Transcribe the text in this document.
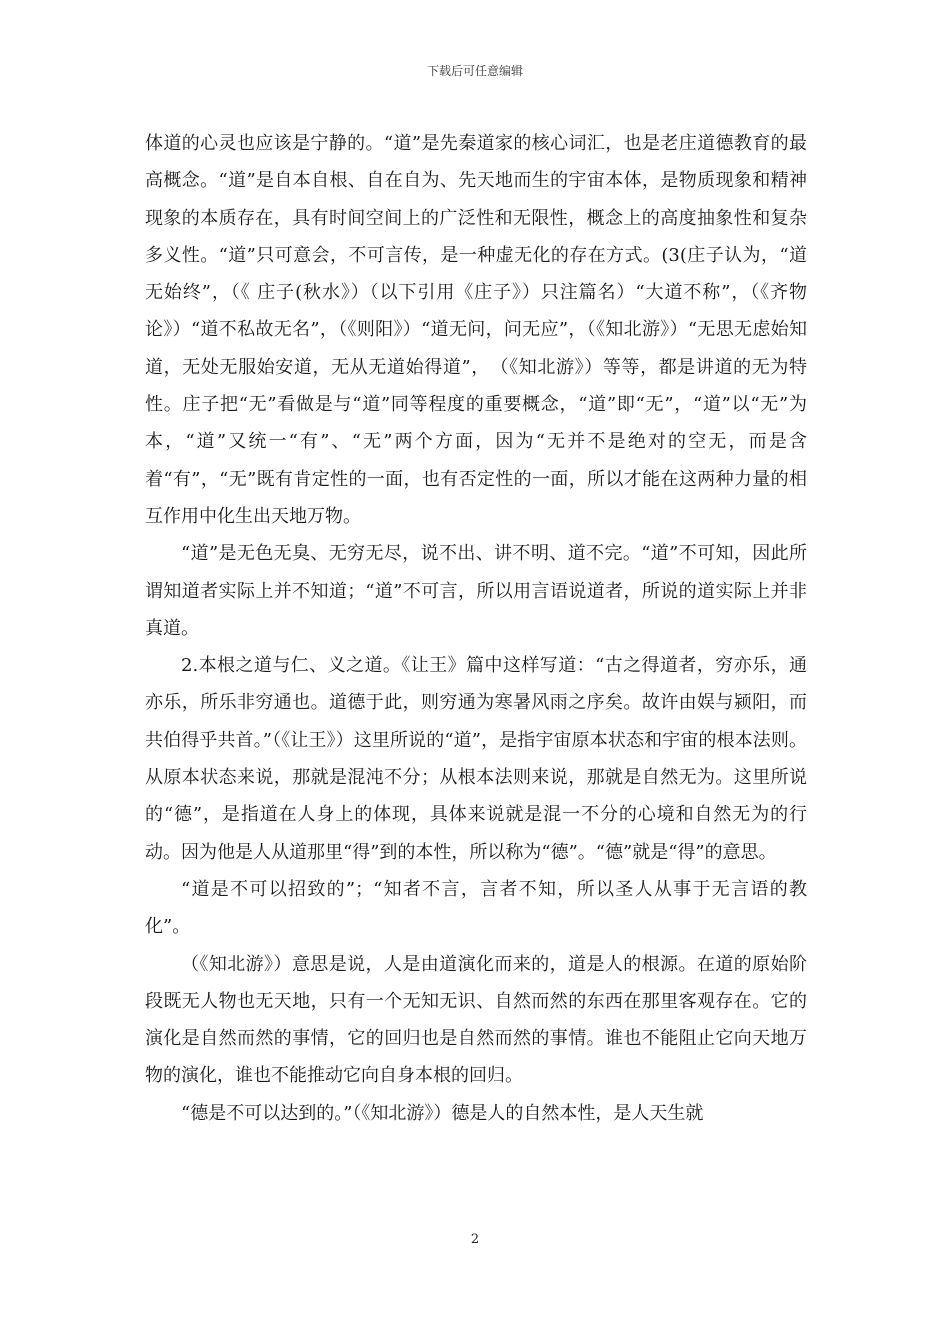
下载后可任意编辑

体道的心灵也应该是宁静的。“道”是先秦道家的核心词汇，也是老庄道德教育的最高概念。“道”是自本自根、自在自为、先天地而生的宇宙本体，是物质现象和精神现象的本质存在，具有时间空间上的广泛性和无限性，概念上的高度抽象性和复杂多义性。“道”只可意会，不可言传，是一种虚无化的存在方式。(3(庄子认为，“道无始终”，（《 庄子(秋水》）（以下引用《庄子》）只注篇名）“大道不称”，（《齐物论》）“道不私故无名”，（《则阳》）“道无问，问无应”，（《知北游》）“无思无虑始知道，无处无服始安道，无从无道始得道”，　（《知北游》）等等，都是讲道的无为特性。庄子把“无”看做是与“道”同等程度的重要概念，“道”即“无”，“道”以“无”为本，“道”又统一“有”、“无”两个方面，因为“无并不是绝对的空无，而是含着“有”，“无”既有肯定性的一面，也有否定性的一面，所以才能在这两种力量的相互作用中化生出天地万物。

“道”是无色无臭、无穷无尽，说不出、讲不明、道不完。“道”不可知，因此所谓知道者实际上并不知道；“道”不可言，所以用言语说道者，所说的道实际上并非真道。

2.本根之道与仁、义之道。《让王》篇中这样写道：“古之得道者，穷亦乐，通亦乐，所乐非穷通也。道德于此，则穷通为寒暑风雨之序矣。故许由娱与颍阳，而共伯得乎共首。”（《让王》）这里所说的“道”，是指宇宙原本状态和宇宙的根本法则。从原本状态来说，那就是混沌不分；从根本法则来说，那就是自然无为。这里所说的“德”，是指道在人身上的体现，具体来说就是混一不分的心境和自然无为的行动。因为他是人从道那里“得”到的本性，所以称为“德”。“德”就是“得”的意思。

“道是不可以招致的”；“知者不言，言者不知，所以圣人从事于无言语的教化”。

（《知北游》）意思是说，人是由道演化而来的，道是人的根源。在道的原始阶段既无人物也无天地，只有一个无知无识、自然而然的东西在那里客观存在。它的演化是自然而然的事情，它的回归也是自然而然的事情。谁也不能阻止它向天地万物的演化，谁也不能推动它向自身本根的回归。

“德是不可以达到的。”（《知北游》）德是人的自然本性，是人天生就

2
